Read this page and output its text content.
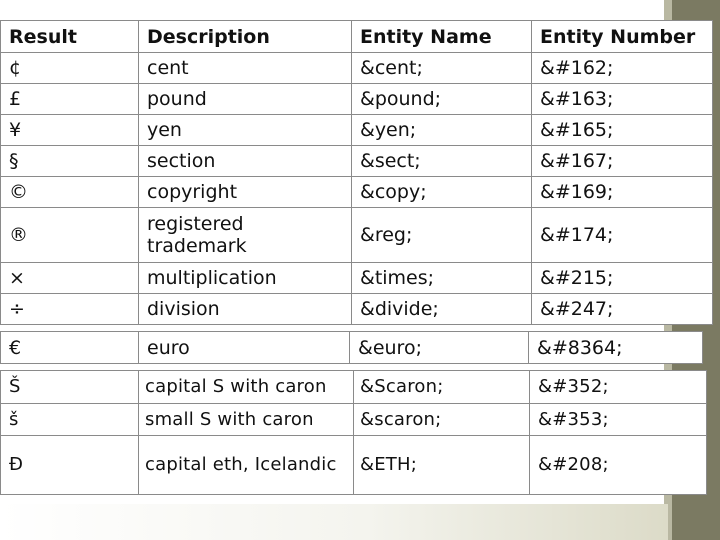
Result	Description	Entity Name	Entity Number
¢	cent	&cent;	&#162;
£	pound	&pound;	&#163;
¥	yen	&yen;	&#165;
§	section	&sect;	&#167;
©	copyright	&copy;	&#169;
®	registered trademark	&reg;	&#174;
×	multiplication	&times;	&#215;
÷	division	&divide;	&#247;
€	euro	&euro;	&#8364;
Š	capital S with caron	&Scaron;	&#352;
š	small S with caron	&scaron;	&#353;
Ð	capital eth, Icelandic	&ETH;	&#208;
